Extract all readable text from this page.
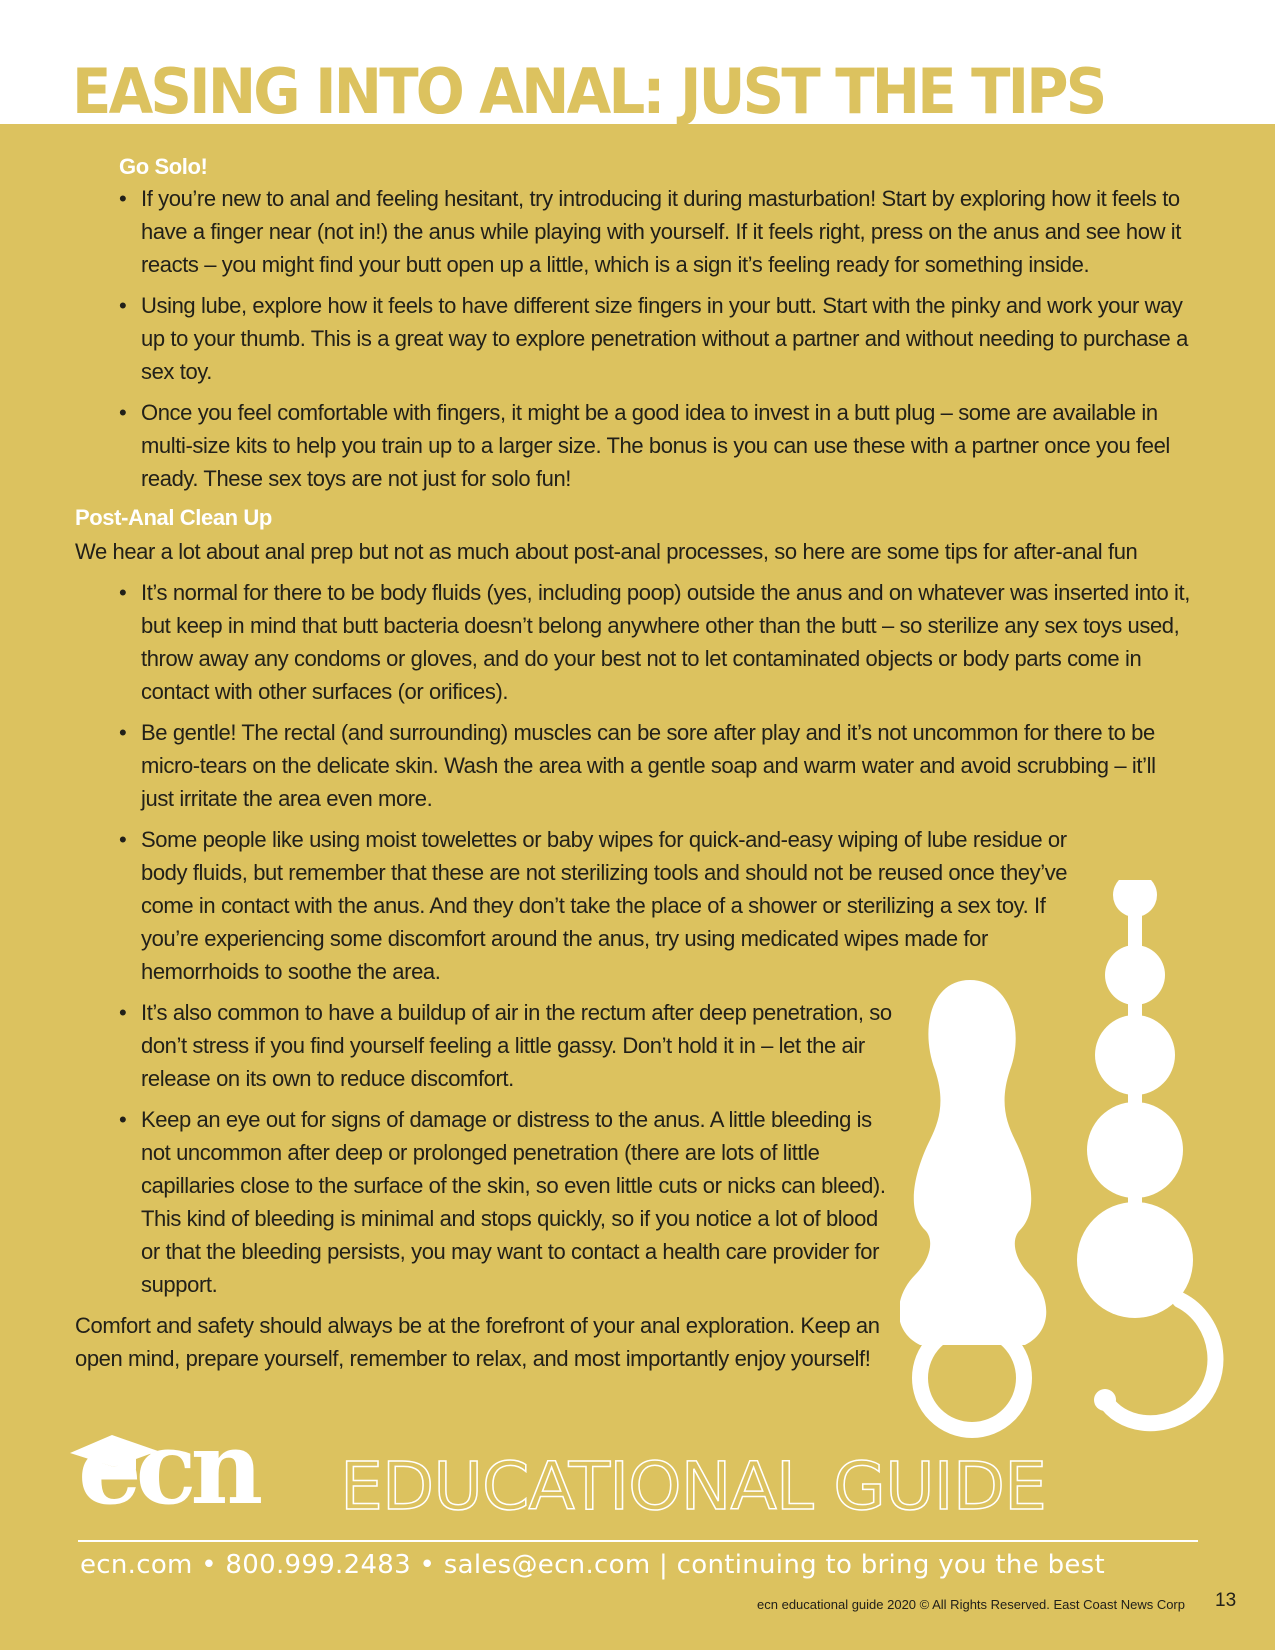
EASING INTO ANAL: JUST THE TIPS
Go Solo!
• If you’re new to anal and feeling hesitant, try introducing it during masturbation! Start by exploring how it feels to have a finger near (not in!) the anus while playing with yourself. If it feels right, press on the anus and see how it reacts – you might find your butt open up a little, which is a sign it’s feeling ready for something inside.
• Using lube, explore how it feels to have different size fingers in your butt. Start with the pinky and work your way up to your thumb. This is a great way to explore penetration without a partner and without needing to purchase a sex toy.
• Once you feel comfortable with fingers, it might be a good idea to invest in a butt plug – some are available in multi-size kits to help you train up to a larger size. The bonus is you can use these with a partner once you feel ready. These sex toys are not just for solo fun!
Post-Anal Clean Up

We hear a lot about anal prep but not as much about post-anal processes, so here are some tips for after-anal fun

• It’s normal for there to be body fluids (yes, including poop) outside the anus and on whatever was inserted into it, but keep in mind that butt bacteria doesn’t belong anywhere other than the butt – so sterilize any sex toys used, throw away any condoms or gloves, and do your best not to let contaminated objects or body parts come in contact with other surfaces (or orifices).
• Be gentle! The rectal (and surrounding) muscles can be sore after play and it’s not uncommon for there to be micro-tears on the delicate skin. Wash the area with a gentle soap and warm water and avoid scrubbing – it’ll just irritate the area even more.
• Some people like using moist towelettes or baby wipes for quick-and-easy wiping of lube residue or body fluids, but remember that these are not sterilizing tools and should not be reused once they’ve come in contact with the anus. And they don’t take the place of a shower or sterilizing a sex toy. If you’re experiencing some discomfort around the anus, try using medicated wipes made for hemorrhoids to soothe the area.
• It’s also common to have a buildup of air in the rectum after deep penetration, so don’t stress if you find yourself feeling a little gassy. Don’t hold it in – let the air release on its own to reduce discomfort.
• Keep an eye out for signs of damage or distress to the anus. A little bleeding is not uncommon after deep or prolonged penetration (there are lots of little capillaries close to the surface of the skin, so even little cuts or nicks can bleed). This kind of bleeding is minimal and stops quickly, so if you notice a lot of blood or that the bleeding persists, you may want to contact a health care provider for support.

Comfort and safety should always be at the forefront of your anal exploration. Keep an open mind, prepare yourself, remember to relax, and most importantly enjoy yourself!

ecn EDUCATIONAL GUIDE
ecn.com • 800.999.2483 • sales@ecn.com | continuing to bring you the best
ecn educational guide 2020 © All Rights Reserved. East Coast News Corp 13
